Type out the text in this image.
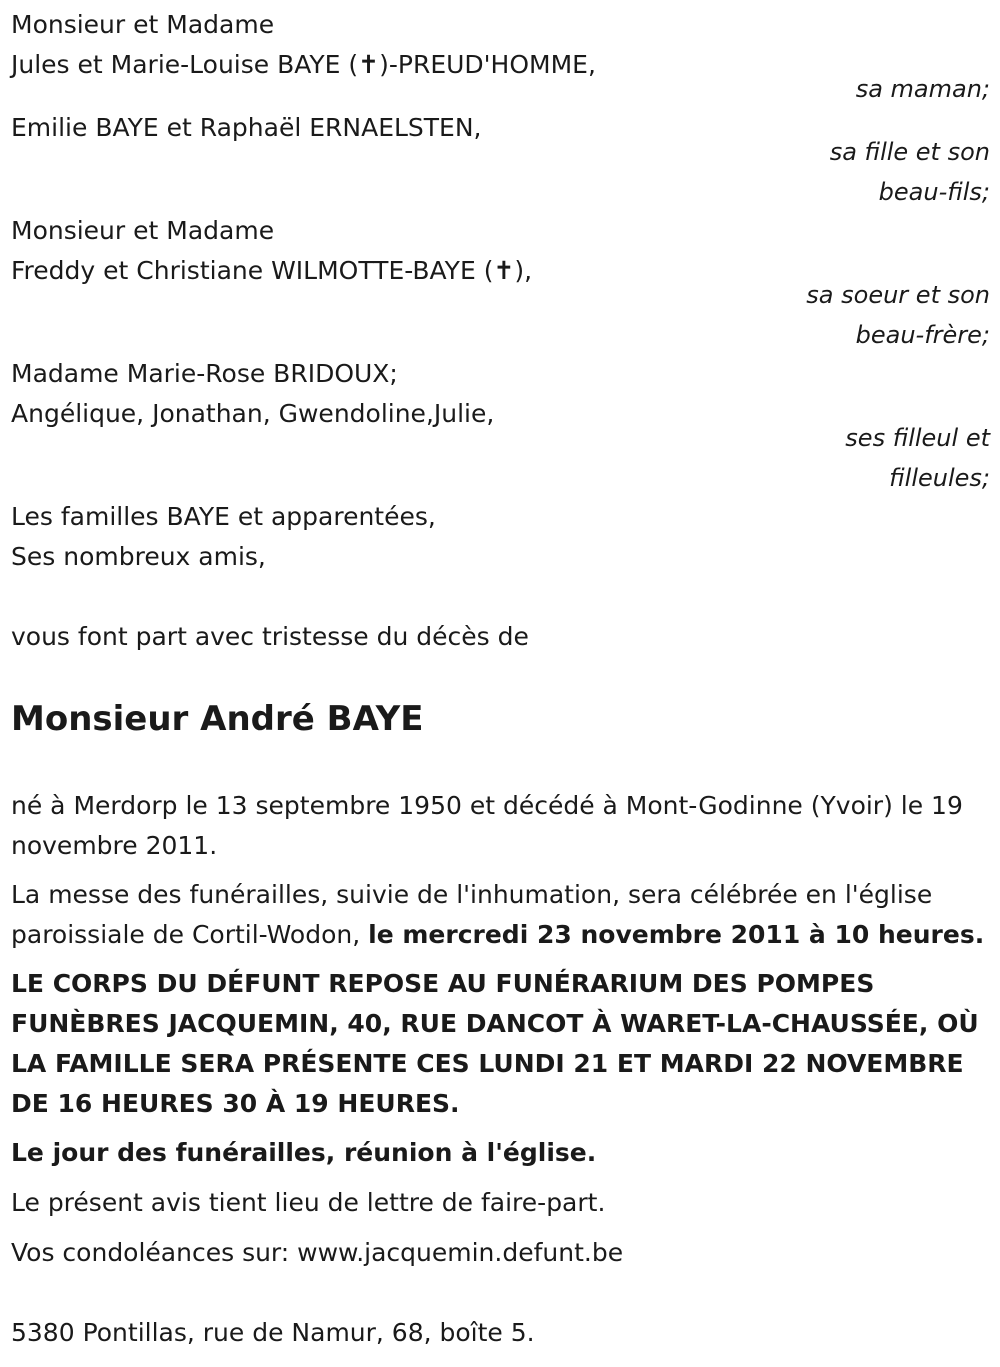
Monsieur et Madame
Jules et Marie-Louise BAYE (✝)-PREUD'HOMME,
sa maman;
Emilie BAYE et Raphaël ERNAELSTEN,
sa fille et son
beau-fils;
Monsieur et Madame
Freddy et Christiane WILMOTTE-BAYE (✝),
sa soeur et son
beau-frère;
Madame Marie-Rose BRIDOUX;
Angélique, Jonathan, Gwendoline,Julie,
ses filleul et
filleules;
Les familles BAYE et apparentées,
Ses nombreux amis,
vous font part avec tristesse du décès de
Monsieur André BAYE
né à Merdorp le 13 septembre 1950 et décédé à Mont-Godinne (Yvoir) le 19 novembre 2011.
La messe des funérailles, suivie de l'inhumation, sera célébrée en l'église paroissiale de Cortil-Wodon, le mercredi 23 novembre 2011 à 10 heures.
LE CORPS DU DÉFUNT REPOSE AU FUNÉRARIUM DES POMPES FUNÈBRES JACQUEMIN, 40, RUE DANCOT À WARET-LA-CHAUSSÉE, OÙ LA FAMILLE SERA PRÉSENTE CES LUNDI 21 ET MARDI 22 NOVEMBRE DE 16 HEURES 30 À 19 HEURES.
Le jour des funérailles, réunion à l'église.
Le présent avis tient lieu de lettre de faire-part.
Vos condoléances sur: www.jacquemin.defunt.be
5380 Pontillas, rue de Namur, 68, boîte 5.
